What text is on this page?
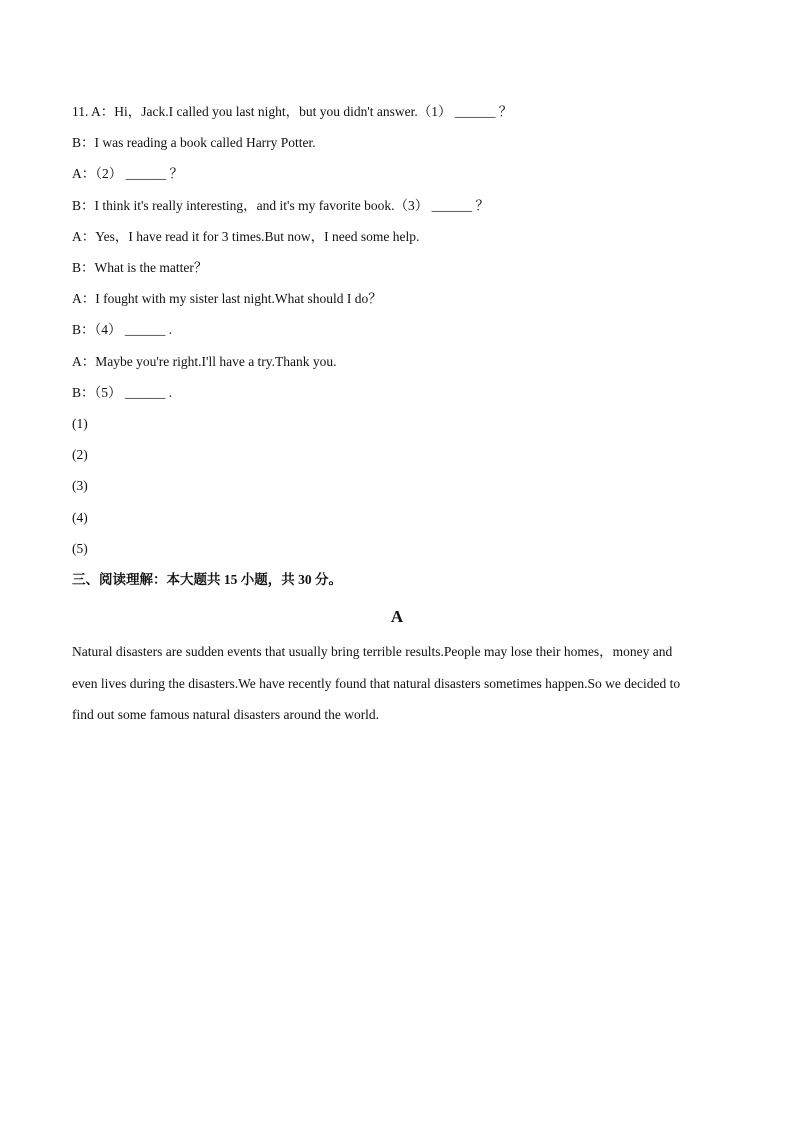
11. A：Hi，Jack.I called you last night，but you didn't answer.（1） ______ ？
B：I was reading a book called Harry Potter.
A：（2） ______ ？
B：I think it's really interesting，and it's my favorite book.（3） ______ ？
A：Yes，I have read it for 3 times.But now，I need some help.
B：What is the matter？
A：I fought with my sister last night.What should I do？
B：（4） ______ .
A：Maybe you're right.I'll have a try.Thank you.
B：（5） ______ .
(1)
(2)
(3)
(4)
(5)
三、阅读理解：本大题共 15 小题，共 30 分。
A
Natural disasters are sudden events that usually bring terrible results.People may lose their homes，money and
even lives during the disasters.We have recently found that natural disasters sometimes happen.So we decided to
find out some famous natural disasters around the world.
